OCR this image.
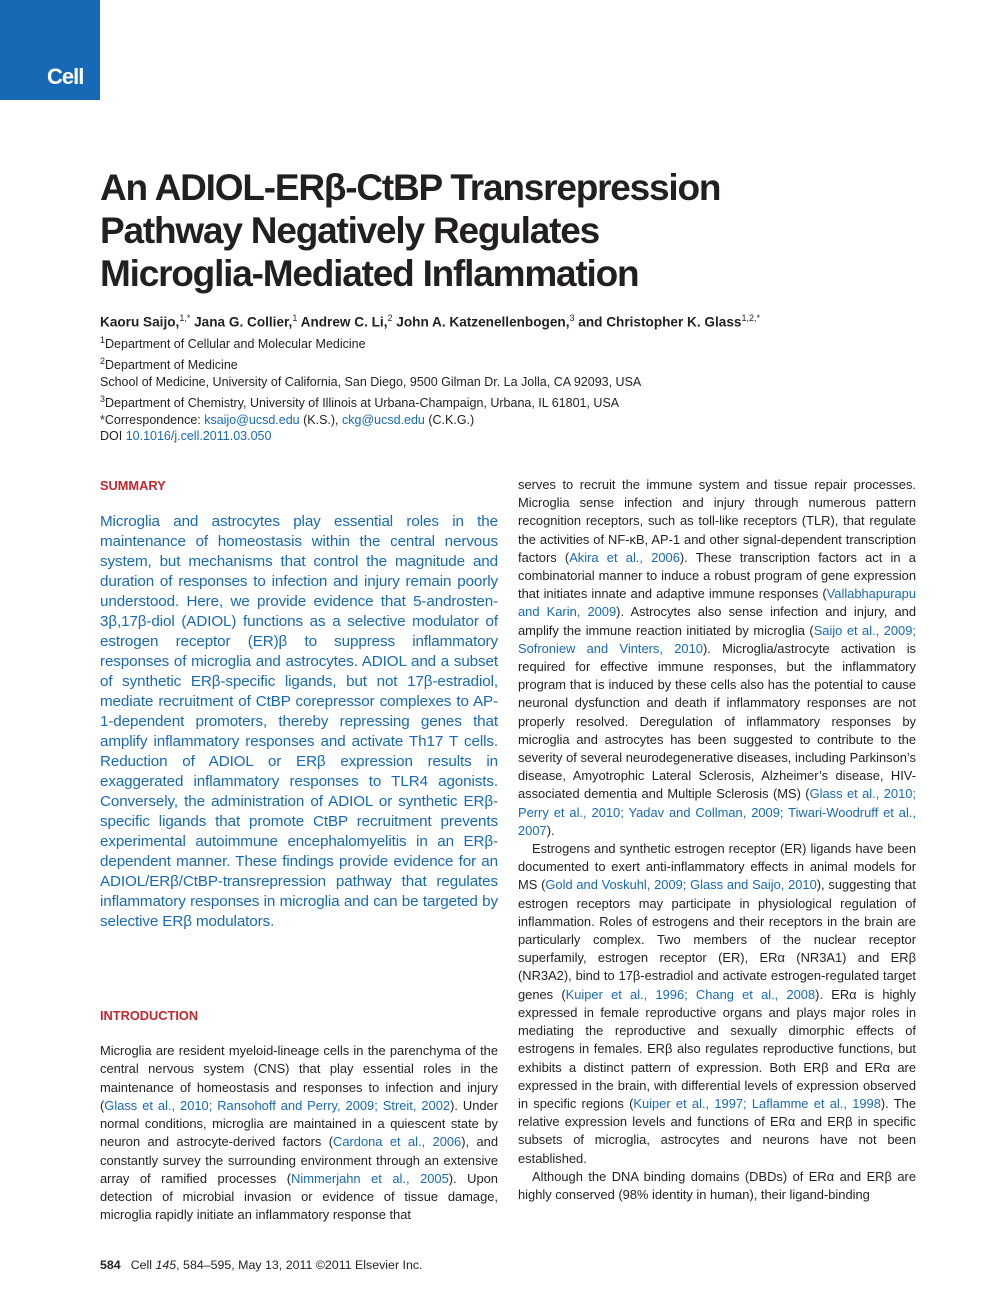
Cell
An ADIOL-ERβ-CtBP Transrepression
Pathway Negatively Regulates
Microglia-Mediated Inflammation
Kaoru Saijo,$^{1,*}$ Jana G. Collier,$^1$ Andrew C. Li,$^2$ John A. Katzenellenbogen,$^3$ and Christopher K. Glass$^{1,2,*}$
$^1$Department of Cellular and Molecular Medicine
$^2$Department of Medicine
School of Medicine, University of California, San Diego, 9500 Gilman Dr. La Jolla, CA 92093, USA
$^3$Department of Chemistry, University of Illinois at Urbana-Champaign, Urbana, IL 61801, USA
*Correspondence: ksaijo@ucsd.edu (K.S.), ckg@ucsd.edu (C.K.G.)
DOI 10.1016/j.cell.2011.03.050
SUMMARY

Microglia and astrocytes play essential roles in the maintenance of homeostasis within the central nervous system, but mechanisms that control the magnitude and duration of responses to infection and injury remain poorly understood. Here, we provide evidence that 5-androsten-3β,17β-diol (ADIOL) functions as a selective modulator of estrogen receptor (ER)β to suppress inflammatory responses of microglia and astrocytes. ADIOL and a subset of synthetic ERβ-specific ligands, but not 17β-estradiol, mediate recruitment of CtBP corepressor complexes to AP-1-dependent promoters, thereby repressing genes that amplify inflammatory responses and activate Th17 T cells. Reduction of ADIOL or ERβ expression results in exaggerated inflammatory responses to TLR4 agonists. Conversely, the administration of ADIOL or synthetic ERβ-specific ligands that promote CtBP recruitment prevents experimental autoimmune encephalomyelitis in an ERβ-dependent manner. These findings provide evidence for an ADIOL/ERβ/CtBP-transrepression pathway that regulates inflammatory responses in microglia and can be targeted by selective ERβ modulators.

INTRODUCTION

Microglia are resident myeloid-lineage cells in the parenchyma of the central nervous system (CNS) that play essential roles in the maintenance of homeostasis and responses to infection and injury (Glass et al., 2010; Ransohoff and Perry, 2009; Streit, 2002). Under normal conditions, microglia are maintained in a quiescent state by neuron and astrocyte-derived factors (Cardona et al., 2006), and constantly survey the surrounding environment through an extensive array of ramified processes (Nimmerjahn et al., 2005). Upon detection of microbial invasion or evidence of tissue damage, microglia rapidly initiate an inflammatory response that

serves to recruit the immune system and tissue repair processes. Microglia sense infection and injury through numerous pattern recognition receptors, such as toll-like receptors (TLR), that regulate the activities of NF-κB, AP-1 and other signal-dependent transcription factors (Akira et al., 2006). These transcription factors act in a combinatorial manner to induce a robust program of gene expression that initiates innate and adaptive immune responses (Vallabhapurapu and Karin, 2009). Astrocytes also sense infection and injury, and amplify the immune reaction initiated by microglia (Saijo et al., 2009; Sofroniew and Vinters, 2010). Microglia/astrocyte activation is required for effective immune responses, but the inflammatory program that is induced by these cells also has the potential to cause neuronal dysfunction and death if inflammatory responses are not properly resolved. Deregulation of inflammatory responses by microglia and astrocytes has been suggested to contribute to the severity of several neurodegenerative diseases, including Parkinson’s disease, Amyotrophic Lateral Sclerosis, Alzheimer’s disease, HIV-associated dementia and Multiple Sclerosis (MS) (Glass et al., 2010; Perry et al., 2010; Yadav and Collman, 2009; Tiwari-Woodruff et al., 2007).

Estrogens and synthetic estrogen receptor (ER) ligands have been documented to exert anti-inflammatory effects in animal models for MS (Gold and Voskuhl, 2009; Glass and Saijo, 2010), suggesting that estrogen receptors may participate in physiological regulation of inflammation. Roles of estrogens and their receptors in the brain are particularly complex. Two members of the nuclear receptor superfamily, estrogen receptor (ER), ERα (NR3A1) and ERβ (NR3A2), bind to 17β-estradiol and activate estrogen-regulated target genes (Kuiper et al., 1996; Chang et al., 2008). ERα is highly expressed in female reproductive organs and plays major roles in mediating the reproductive and sexually dimorphic effects of estrogens in females. ERβ also regulates reproductive functions, but exhibits a distinct pattern of expression. Both ERβ and ERα are expressed in the brain, with differential levels of expression observed in specific regions (Kuiper et al., 1997; Laflamme et al., 1998). The relative expression levels and functions of ERα and ERβ in specific subsets of microglia, astrocytes and neurons have not been established.

Although the DNA binding domains (DBDs) of ERα and ERβ are highly conserved (98% identity in human), their ligand-binding

584 Cell 145, 584–595, May 13, 2011 ©2011 Elsevier Inc.
